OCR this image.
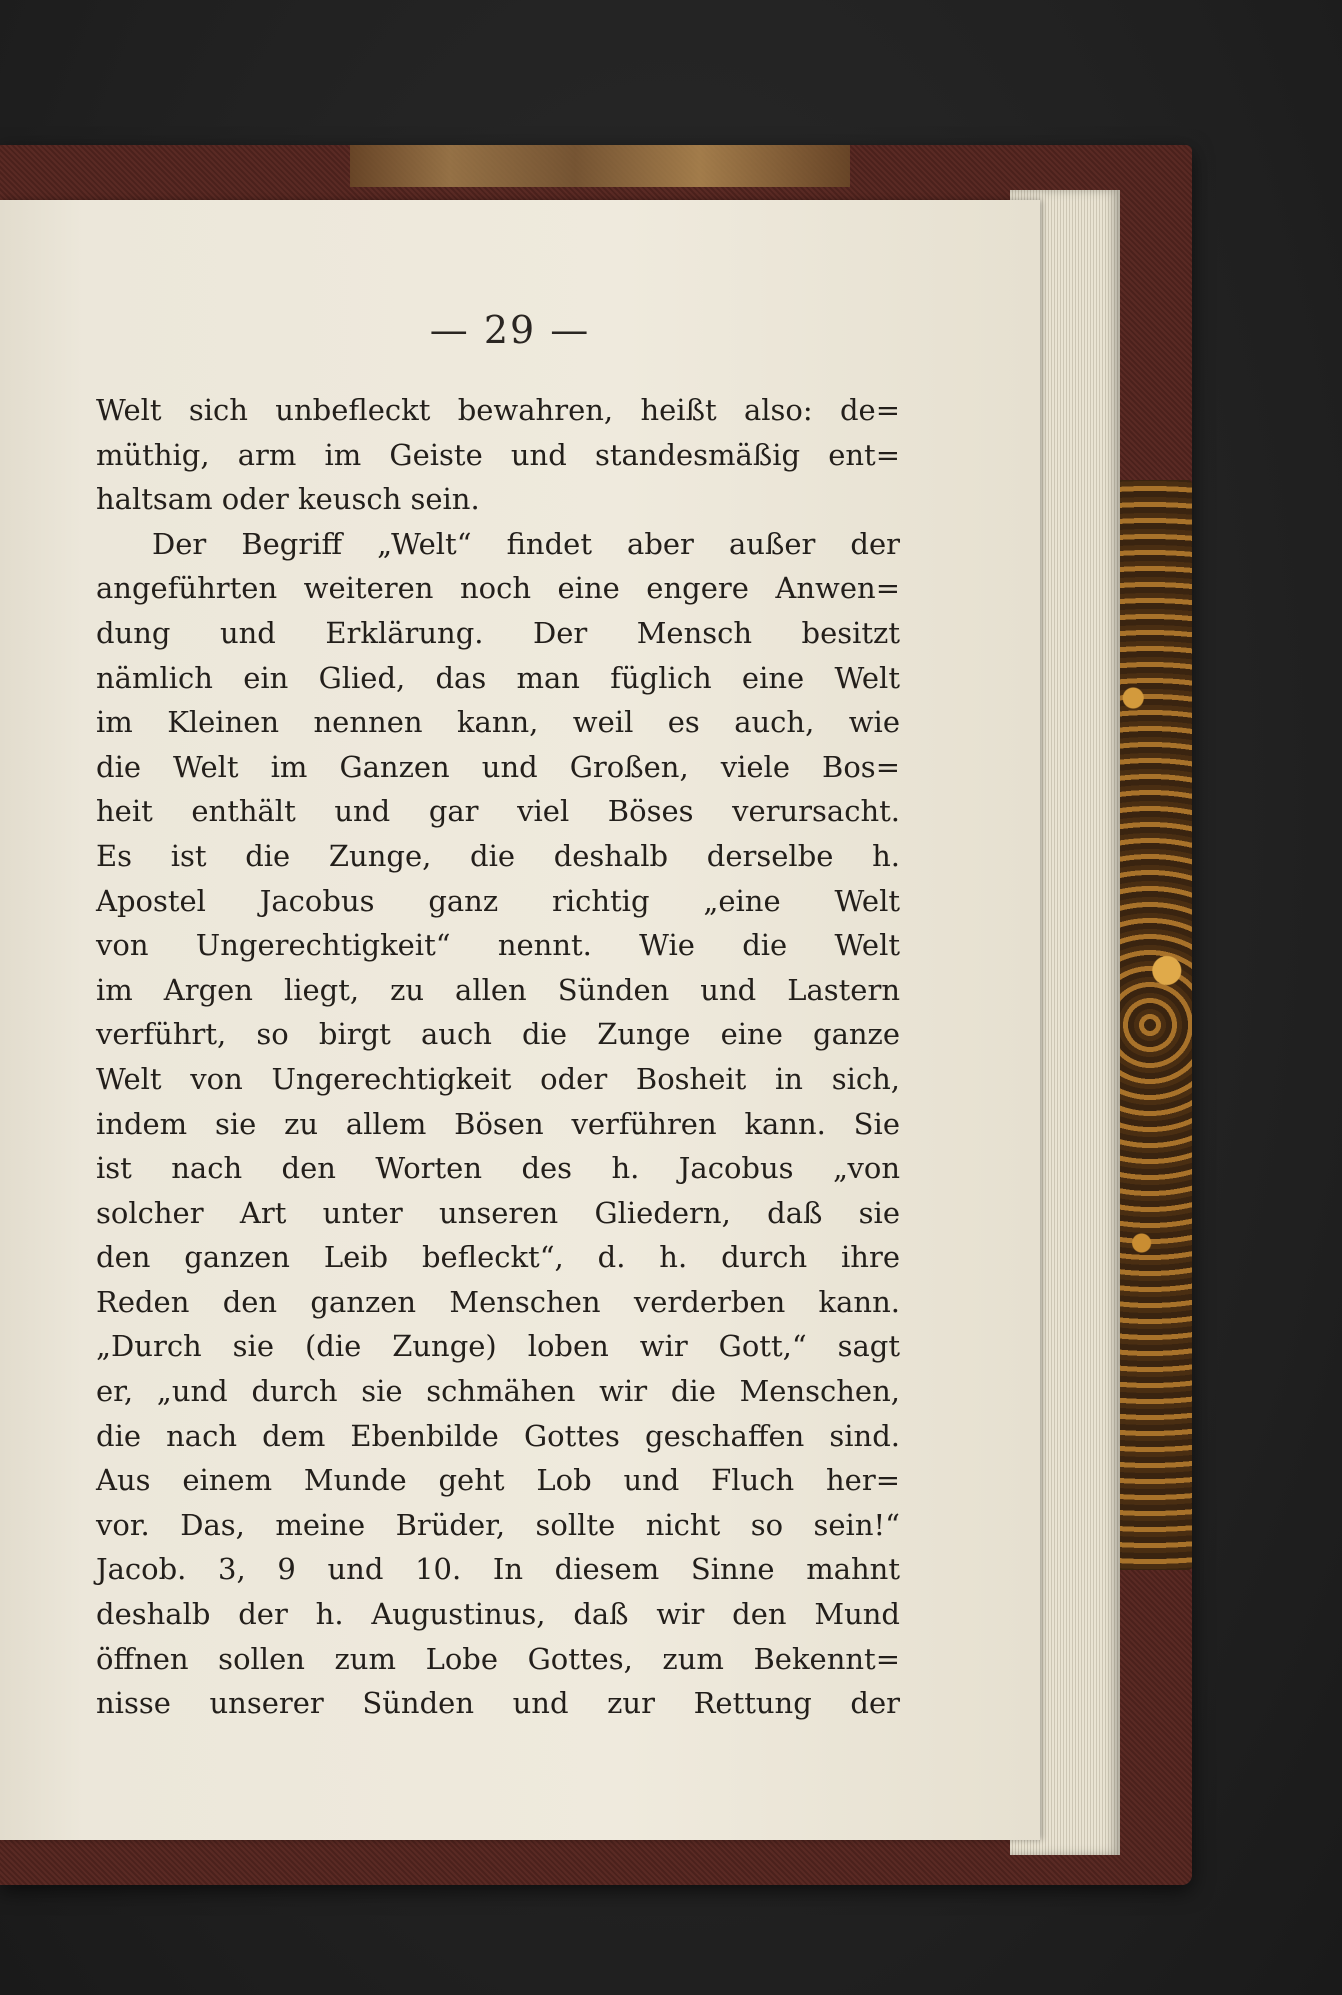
— 29 —
Welt sich unbefleckt bewahren, heißt also: de=
müthig, arm im Geiste und standesmäßig ent=
haltsam oder keusch sein.
Der Begriff „Welt“ findet aber außer der
angeführten weiteren noch eine engere Anwen=
dung und Erklärung. Der Mensch besitzt
nämlich ein Glied, das man füglich eine Welt
im Kleinen nennen kann, weil es auch, wie
die Welt im Ganzen und Großen, viele Bos=
heit enthält und gar viel Böses verursacht.
Es ist die Zunge, die deshalb derselbe h.
Apostel Jacobus ganz richtig „eine Welt
von Ungerechtigkeit“ nennt. Wie die Welt
im Argen liegt, zu allen Sünden und Lastern
verführt, so birgt auch die Zunge eine ganze
Welt von Ungerechtigkeit oder Bosheit in sich,
indem sie zu allem Bösen verführen kann. Sie
ist nach den Worten des h. Jacobus „von
solcher Art unter unseren Gliedern, daß sie
den ganzen Leib befleckt“, d. h. durch ihre
Reden den ganzen Menschen verderben kann.
„Durch sie (die Zunge) loben wir Gott,“ sagt
er, „und durch sie schmähen wir die Menschen,
die nach dem Ebenbilde Gottes geschaffen sind.
Aus einem Munde geht Lob und Fluch her=
vor. Das, meine Brüder, sollte nicht so sein!“
Jacob. 3, 9 und 10. In diesem Sinne mahnt
deshalb der h. Augustinus, daß wir den Mund
öffnen sollen zum Lobe Gottes, zum Bekennt=
nisse unserer Sünden und zur Rettung der
